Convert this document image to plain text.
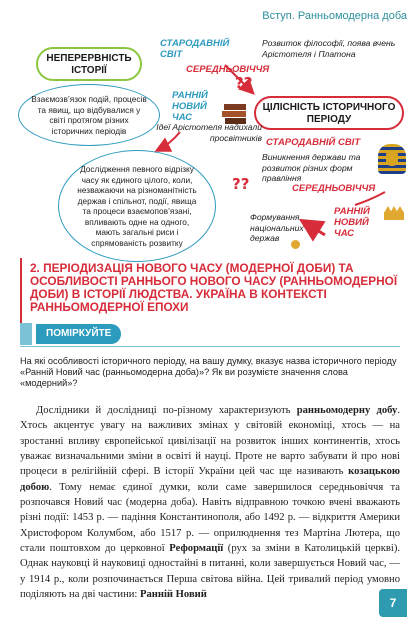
Вступ. Ранньомодерна доба
НЕПЕРЕРВНІСТЬ ІСТОРІЇ
Взаємозв’язок подій, процесів та явищ, що відбувалися у світі протягом різних історичних періодів
СТАРОДАВНІЙ СВІТ
СЕРЕДНЬОВІЧЧЯ
РАННІЙ НОВИЙ ЧАС
??
Розвиток філософії, поява вчень Арістотеля і Платона
ЦІЛІСНІСТЬ ІСТОРИЧНОГО ПЕРІОДУ
Ідеї Арістотеля надихали просвітників СТАРОДАВНІЙ СВІТ
Дослідження певного відрізку часу як єдиного цілого, коли, незважаючи на різноманітність держав і спільнот, події, явища та процеси взаємопов’язані, впливають одне на одного, мають загальні риси і спрямованість розвитку
??
Виникнення держави та розвиток різних форм правління
СЕРЕДНЬОВІЧЧЯ
РАННІЙ НОВИЙ ЧАС
Формування національних держав
2. ПЕРІОДИЗАЦІЯ НОВОГО ЧАСУ (МОДЕРНОЇ ДОБИ) ТА ОСОБЛИВОСТІ РАННЬОГО НОВОГО ЧАСУ (РАННЬОМОДЕРНОЇ ДОБИ) В ІСТОРІЇ ЛЮДСТВА. УКРАЇНА В КОНТЕКСТІ РАННЬОМОДЕРНОЇ ЕПОХИ
ПОМІРКУЙТЕ
На які особливості історичного періоду, на вашу думку, вказує назва історичного періоду «Ранній Новий час (ранньомодерна доба)»? Як ви розумієте значення слова «модерний»?

Дослідники й дослідниці по-різному характеризують ранньомодерну добу. Хтось акцентує увагу на важливих змінах у світовій економіці, хтось — на зростанні впливу європейської цивілізації на розвиток інших континентів, хтось уважає визначальними зміни в освіті й науці. Проте не варто забувати й про нові процеси в релігійній сфері. В історії України цей час ще називають козацькою добою. Тому немає єдиної думки, коли саме завершилося середньовіччя та розпочався Новий час (модерна доба). Навіть відправною точкою вчені вважають різні події: 1453 р. — падіння Константинополя, або 1492 р. — відкриття Америки Христофором Колумбом, або 1517 р. — оприлюднення тез Мартіна Лютера, що стали поштовхом до церковної Реформації (рух за зміни в Католицькій церкві). Однак науковці й науковиці одностайні в питанні, коли завершується Новий час, — у 1914 р., коли розпочинається Перша світова війна. Цей тривалий період умовно поділяють на дві частини: Ранній Новий

7
